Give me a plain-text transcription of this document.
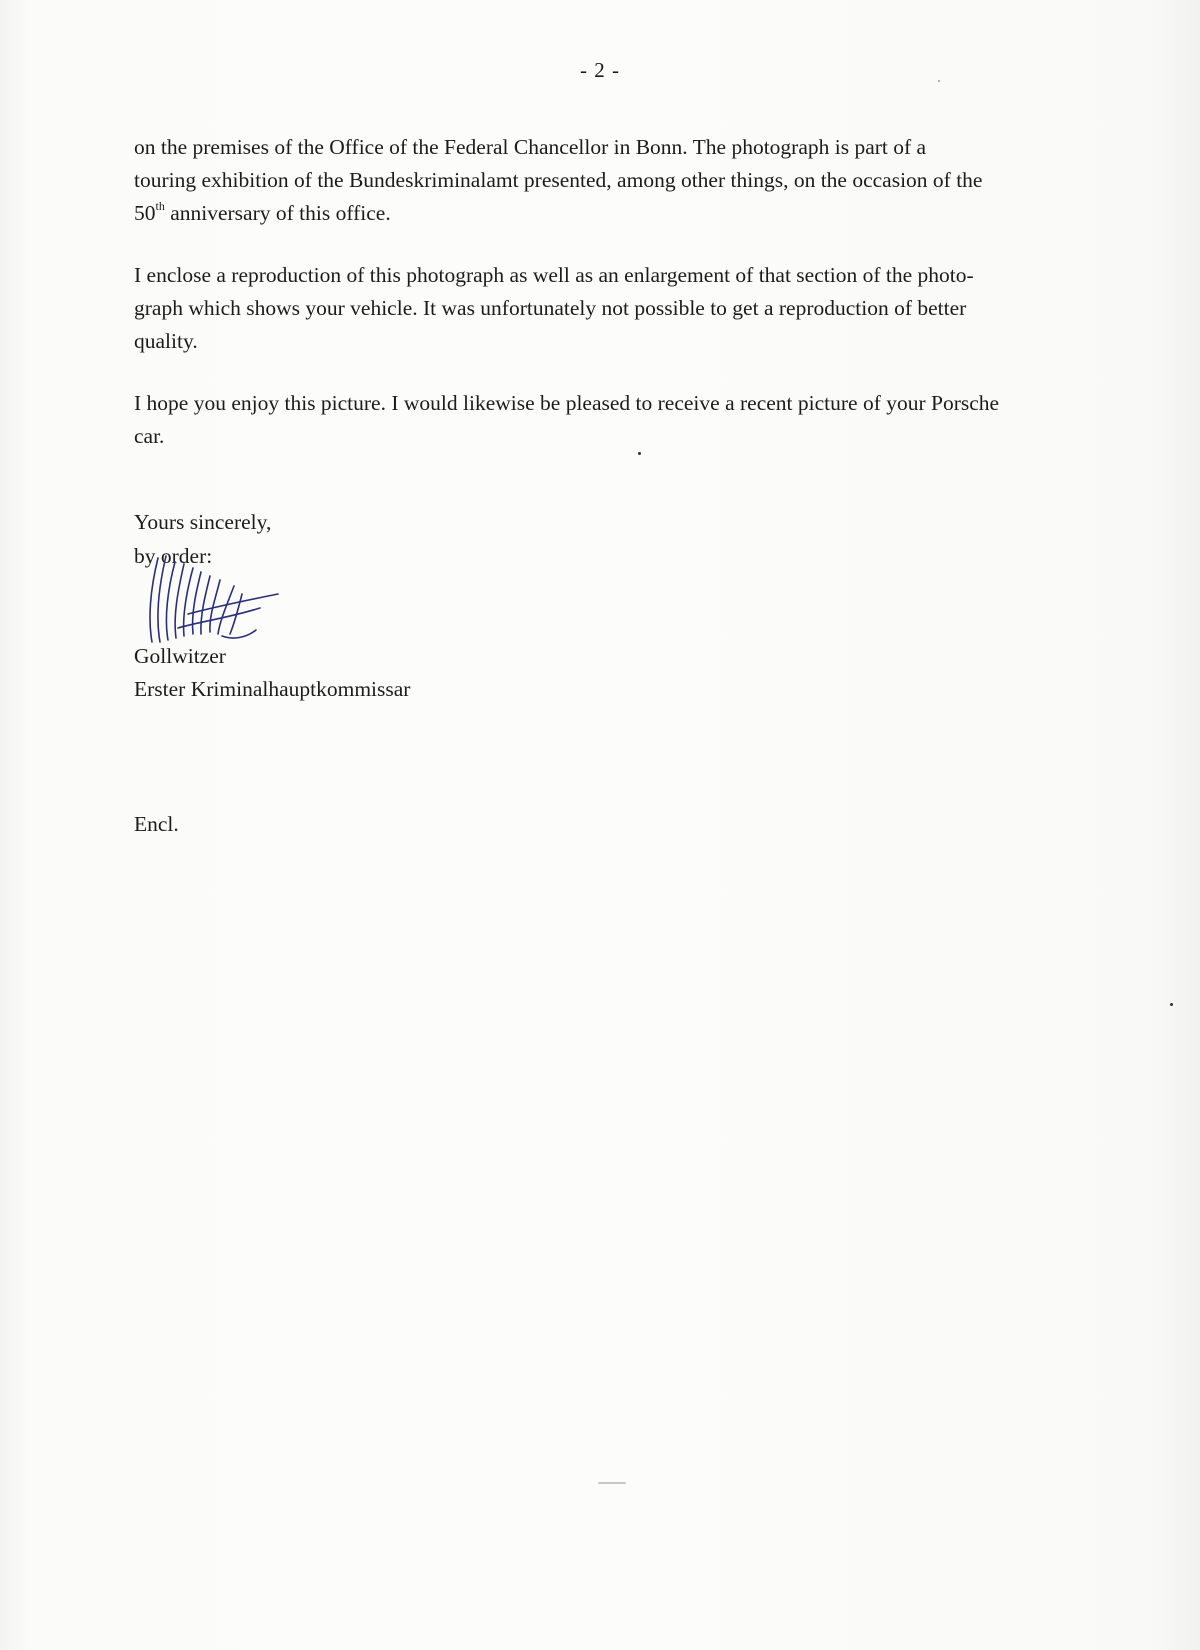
- 2 -

on the premises of the Office of the Federal Chancellor in Bonn. The photograph is part of a
touring exhibition of the Bundeskriminalamt presented, among other things, on the occasion of the
50th anniversary of this office.

I enclose a reproduction of this photograph as well as an enlargement of that section of the photo-
graph which shows your vehicle. It was unfortunately not possible to get a reproduction of better
quality.

I hope you enjoy this picture. I would likewise be pleased to receive a recent picture of your Porsche
car.

Yours sincerely,
by order:
Gollwitzer
Erster Kriminalhauptkommissar
Encl.
